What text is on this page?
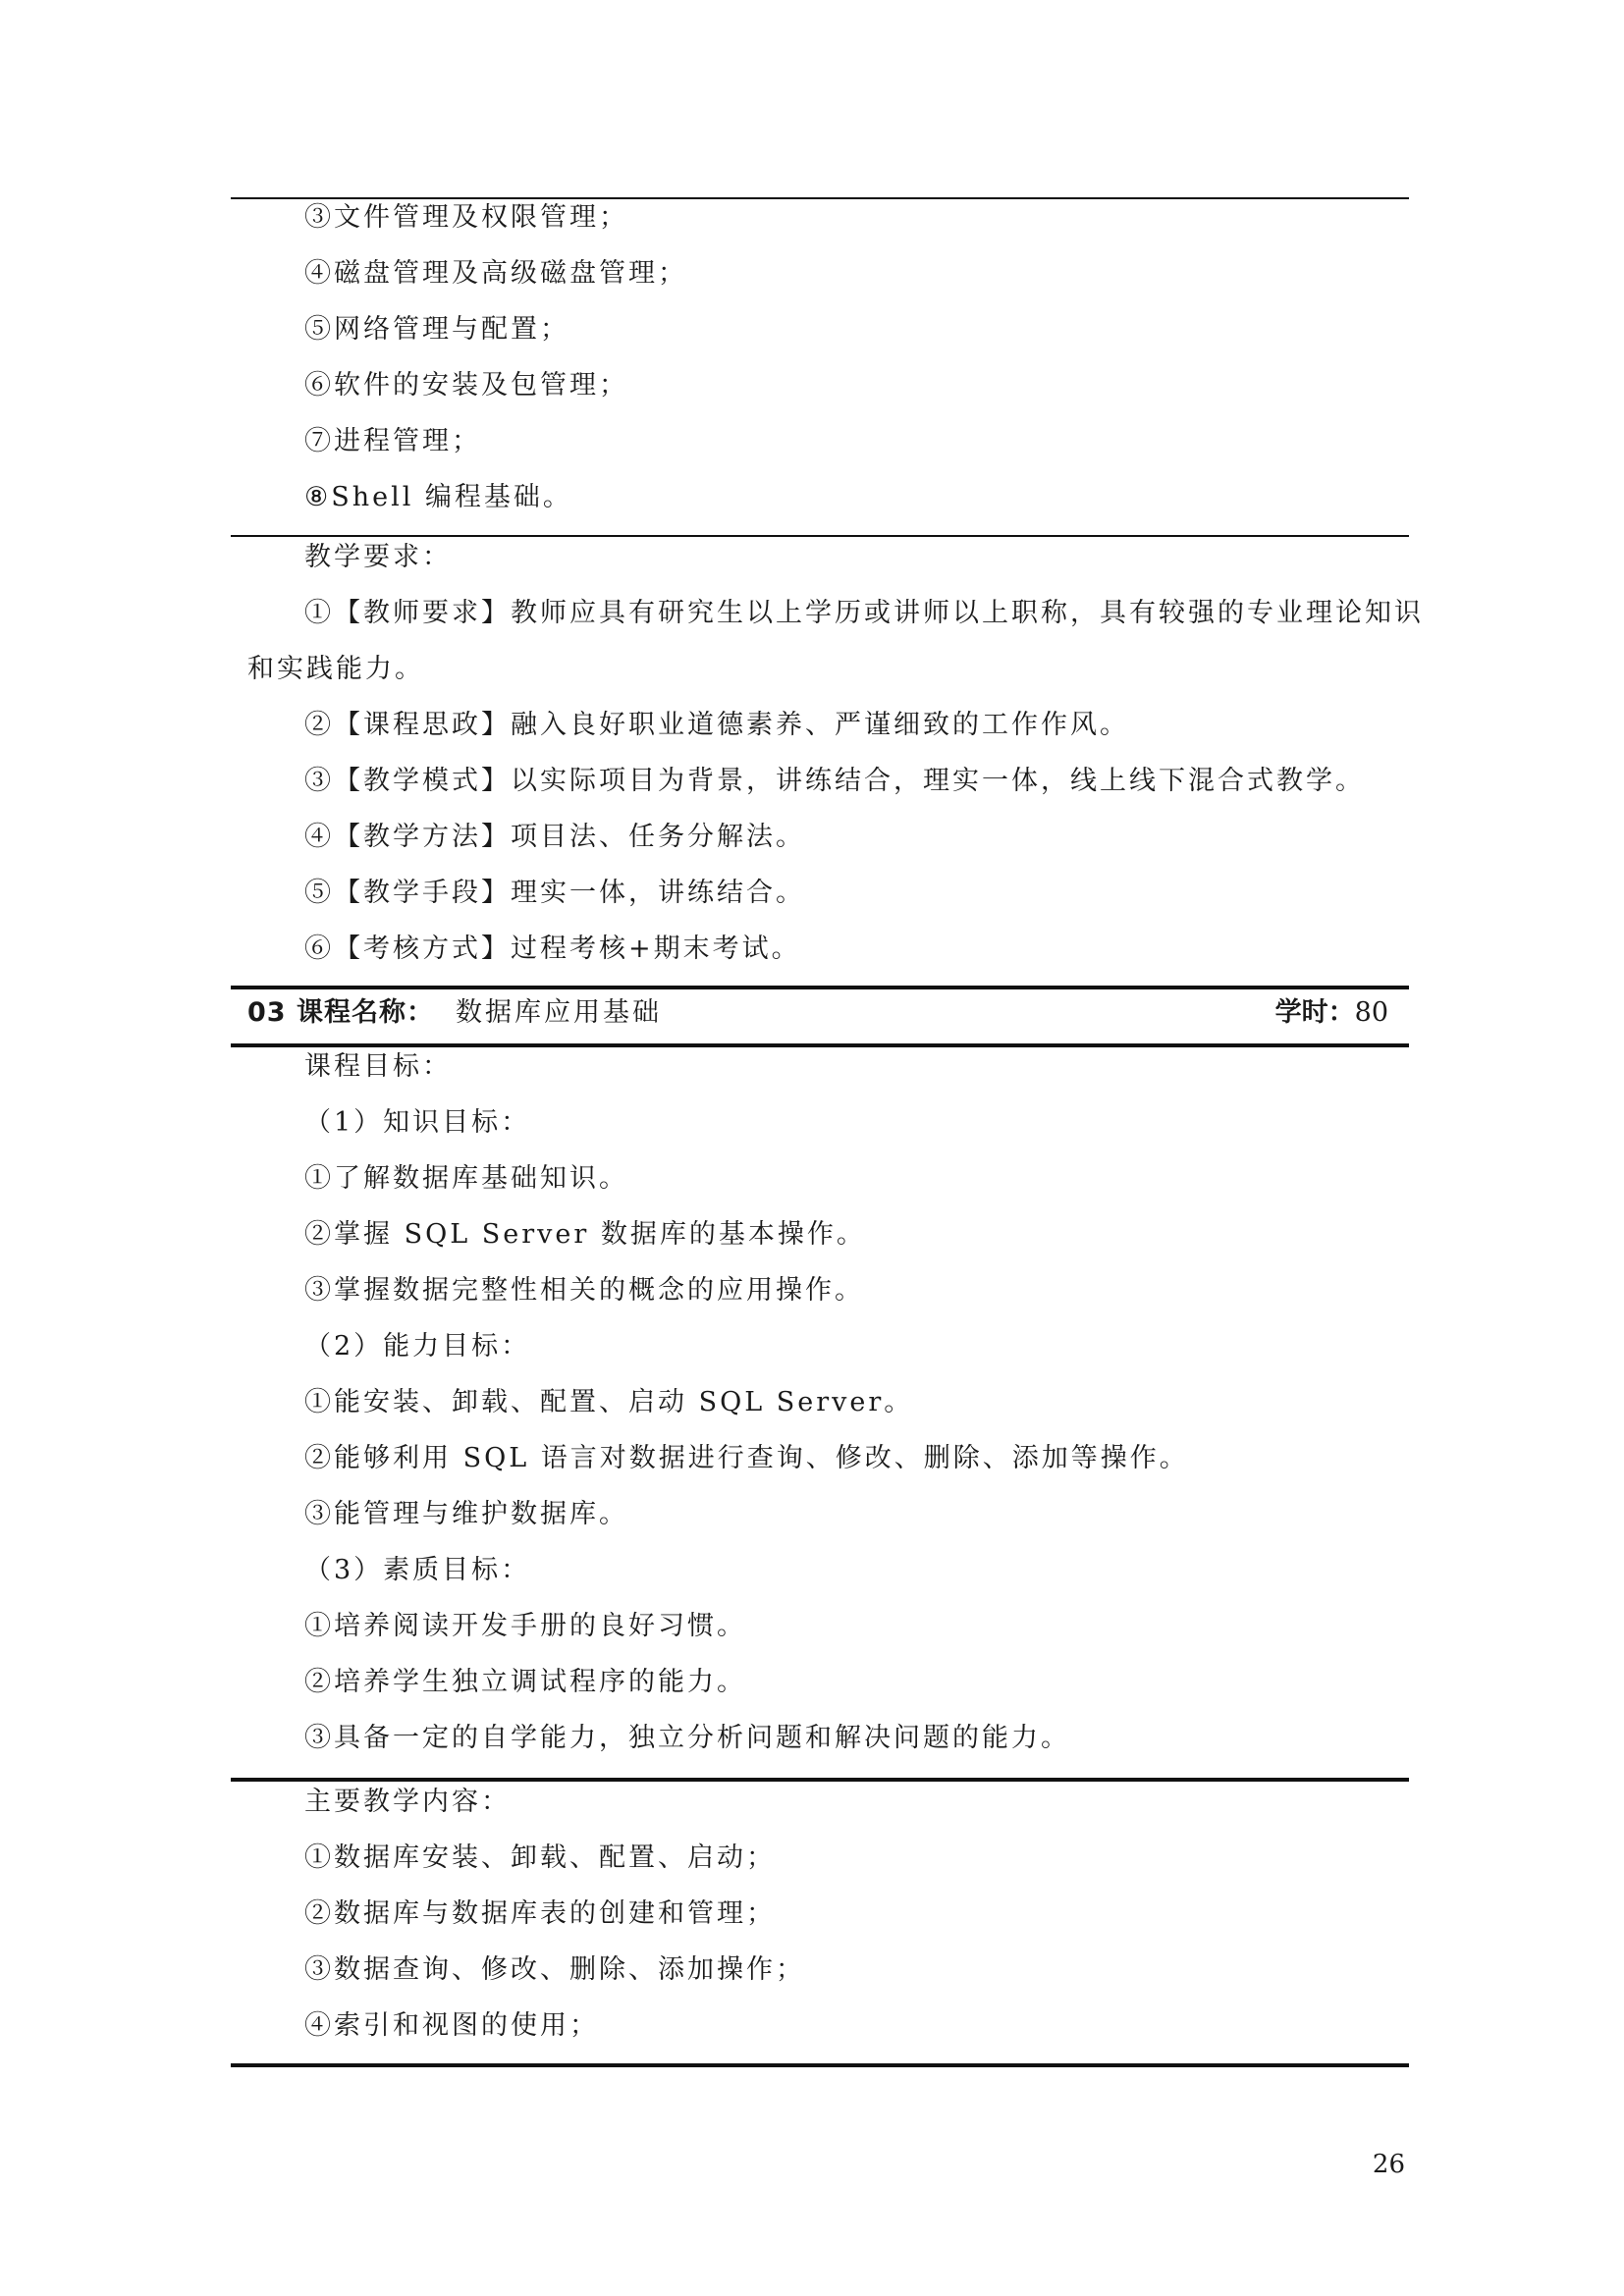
③文件管理及权限管理；
④磁盘管理及高级磁盘管理；
⑤网络管理与配置；
⑥软件的安装及包管理；
⑦进程管理；
⑧Shell 编程基础。
教学要求：
①【教师要求】教师应具有研究生以上学历或讲师以上职称，具有较强的专业理论知识
和实践能力。
②【课程思政】融入良好职业道德素养、严谨细致的工作作风。
③【教学模式】以实际项目为背景，讲练结合，理实一体，线上线下混合式教学。
④【教学方法】项目法、任务分解法。
⑤【教学手段】理实一体，讲练结合。
⑥【考核方式】过程考核+期末考试。
03 课程名称： 数据库应用基础	学时：80
课程目标：
（1）知识目标：
①了解数据库基础知识。
②掌握 SQL Server 数据库的基本操作。
③掌握数据完整性相关的概念的应用操作。
（2）能力目标：
①能安装、卸载、配置、启动 SQL Server。
②能够利用 SQL 语言对数据进行查询、修改、删除、添加等操作。
③能管理与维护数据库。
（3）素质目标：
①培养阅读开发手册的良好习惯。
②培养学生独立调试程序的能力。
③具备一定的自学能力，独立分析问题和解决问题的能力。
主要教学内容：
①数据库安装、卸载、配置、启动；
②数据库与数据库表的创建和管理；
③数据查询、修改、删除、添加操作；
④索引和视图的使用；
26
